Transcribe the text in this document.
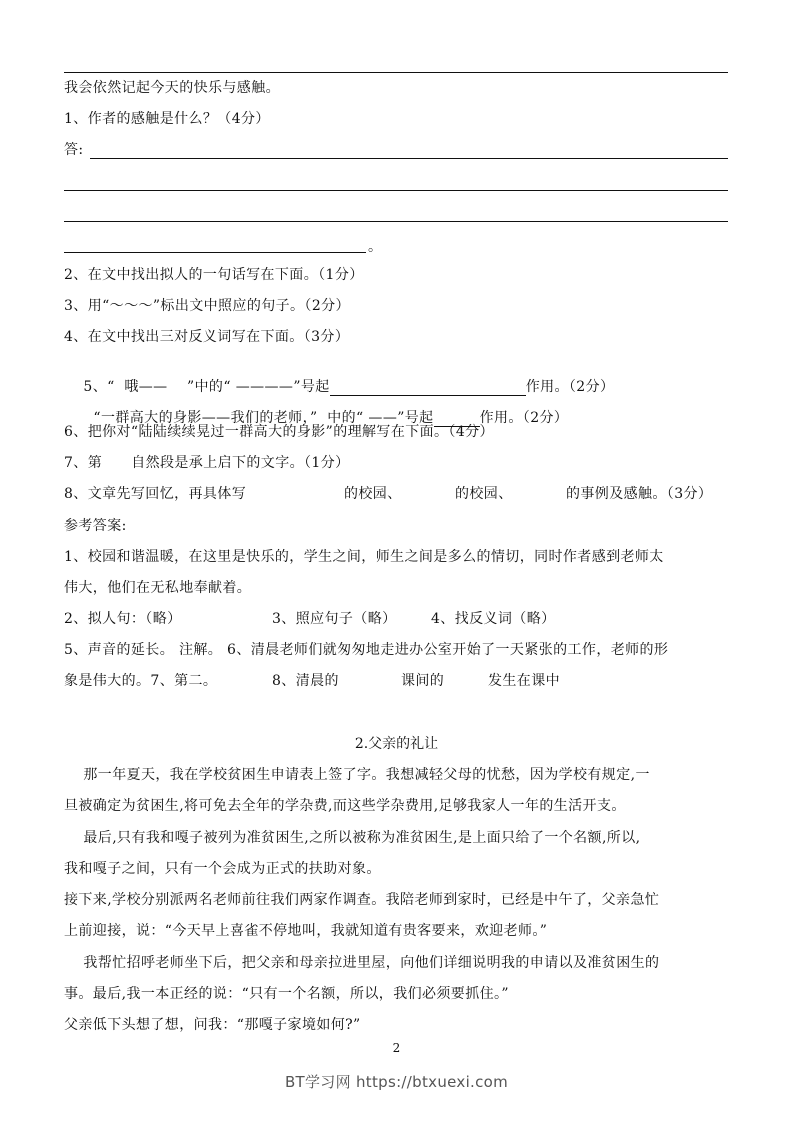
我会依然记起今天的快乐与感触。
1、作者的感触是什么？（4分）
答:
。
2、在文中找出拟人的一句话写在下面。（1分）
3、用“～～～”标出文中照应的句子。（2分）
4、在文中找出三对反义词写在下面。（3分）

5、“  哦——    ”中的“ ————”号起	作用。（2分）

“一群高大的身影——我们的老师，”  中的“ ——”号起	作用。（2分）

6、把你对“陆陆续续晃过一群高大的身影”的理解写在下面。（4分）
7、第      自然段是承上启下的文字。（1分）
8、文章先写回忆，再具体写	的校园、	的校园、	的事例及感触。（3分）
参考答案:
1、校园和谐温暖，在这里是快乐的，学生之间，师生之间是多么的情切，同时作者感到老师太
伟大，他们在无私地奉献着。
2、拟人句：（略）	3、照应句子（略） 4、找反义词（略）
5、声音的延长。 注解。 6、清晨老师们就匆匆地走进办公室开始了一天紧张的工作，老师的形
象是伟大的。7、第二。	8、清晨的	课间的	发生在课中
2.父亲的礼让
那一年夏天，我在学校贫困生申请表上签了字。我想减轻父母的忧愁，因为学校有规定,一
旦被确定为贫困生,将可免去全年的学杂费,而这些学杂费用,足够我家人一年的生活开支。
最后,只有我和嘎子被列为准贫困生,之所以被称为准贫困生,是上面只给了一个名额,所以,
我和嘎子之间，只有一个会成为正式的扶助对象。
接下来,学校分别派两名老师前往我们两家作调查。我陪老师到家时，已经是中午了，父亲急忙
上前迎接，说：“今天早上喜雀不停地叫，我就知道有贵客要来，欢迎老师。”
我帮忙招呼老师坐下后，把父亲和母亲拉进里屋，向他们详细说明我的申请以及准贫困生的
事。最后,我一本正经的说：“只有一个名额，所以，我们必须要抓住。”
父亲低下头想了想，问我：“那嘎子家境如何?”
2
BT学习网 https://btxuexi.com
